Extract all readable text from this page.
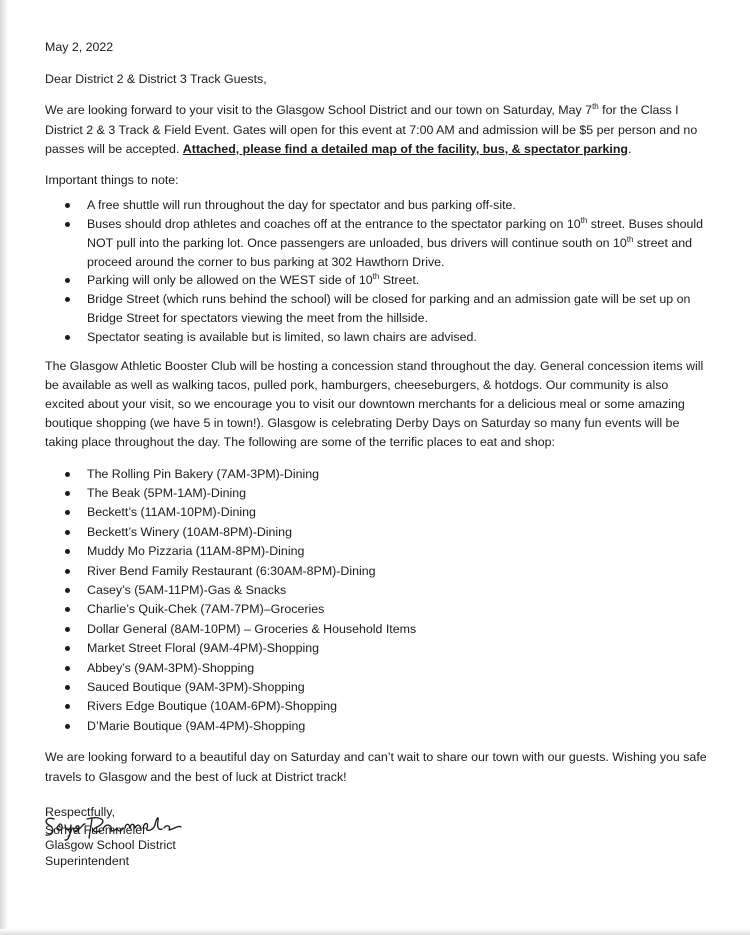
May 2, 2022

Dear District 2 & District 3 Track Guests,

We are looking forward to your visit to the Glasgow School District and our town on Saturday, May 7th for the Class I District 2 & 3 Track & Field Event. Gates will open for this event at 7:00 AM and admission will be $5 per person and no passes will be accepted. Attached, please find a detailed map of the facility, bus, & spectator parking.

Important things to note:

A free shuttle will run throughout the day for spectator and bus parking off-site.
Buses should drop athletes and coaches off at the entrance to the spectator parking on 10th street. Buses should NOT pull into the parking lot. Once passengers are unloaded, bus drivers will continue south on 10th street and proceed around the corner to bus parking at 302 Hawthorn Drive.
Parking will only be allowed on the WEST side of 10th Street.
Bridge Street (which runs behind the school) will be closed for parking and an admission gate will be set up on Bridge Street for spectators viewing the meet from the hillside.
Spectator seating is available but is limited, so lawn chairs are advised.

The Glasgow Athletic Booster Club will be hosting a concession stand throughout the day. General concession items will be available as well as walking tacos, pulled pork, hamburgers, cheeseburgers, & hotdogs. Our community is also excited about your visit, so we encourage you to visit our downtown merchants for a delicious meal or some amazing boutique shopping (we have 5 in town!). Glasgow is celebrating Derby Days on Saturday so many fun events will be taking place throughout the day. The following are some of the terrific places to eat and shop:

The Rolling Pin Bakery (7AM-3PM)-Dining
The Beak (5PM-1AM)-Dining
Beckett’s (11AM-10PM)-Dining
Beckett’s Winery (10AM-8PM)-Dining
Muddy Mo Pizzaria (11AM-8PM)-Dining
River Bend Family Restaurant (6:30AM-8PM)-Dining
Casey’s (5AM-11PM)-Gas & Snacks
Charlie’s Quik-Chek (7AM-7PM)–Groceries
Dollar General (8AM-10PM) – Groceries & Household Items
Market Street Floral (9AM-4PM)-Shopping
Abbey’s (9AM-3PM)-Shopping
Sauced Boutique (9AM-3PM)-Shopping
Rivers Edge Boutique (10AM-6PM)-Shopping
D’Marie Boutique (9AM-4PM)-Shopping

We are looking forward to a beautiful day on Saturday and can’t wait to share our town with our guests. Wishing you safe travels to Glasgow and the best of luck at District track!

Respectfully,

Sonya Fuemmeler

Glasgow School District

Superintendent
